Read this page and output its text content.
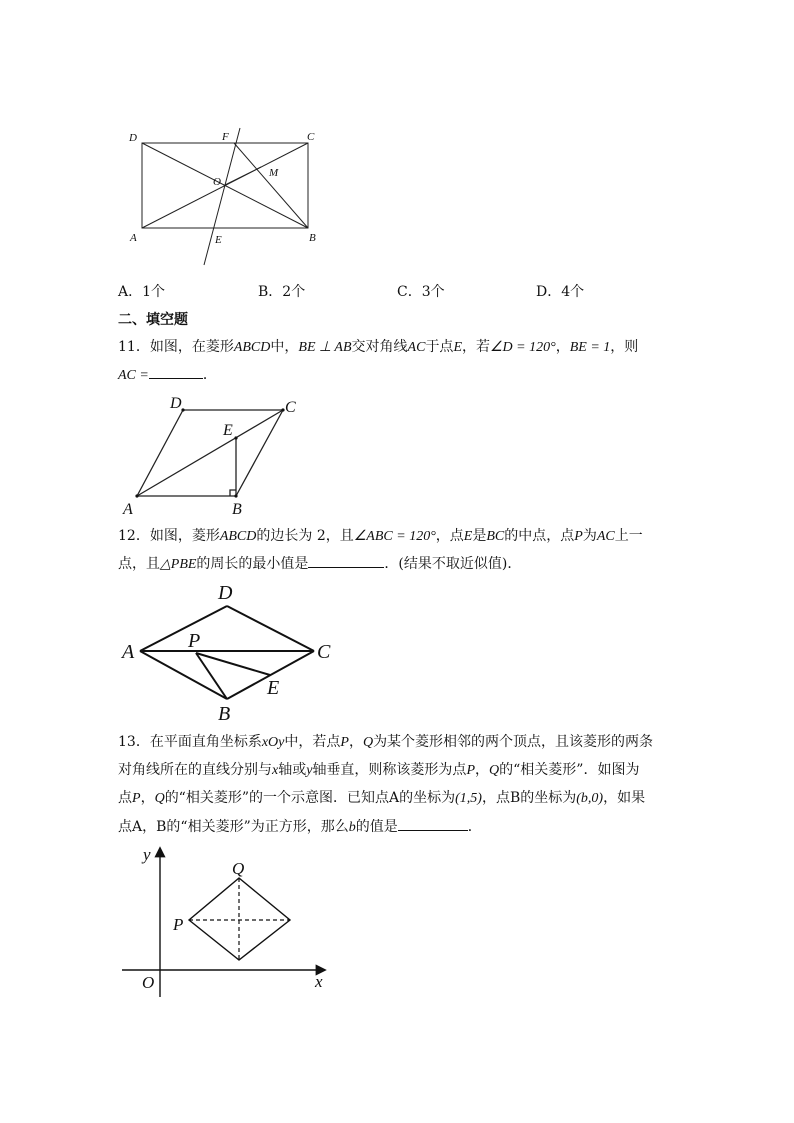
D	F	C
O
M
A	E	B
A．1个	B．2个	C．3个	D．4个
二、填空题
11．如图，在菱形ABCD中，BE ⊥ AB交对角线AC于点E，若∠D = 120°，BE = 1，则
AC =	．
D	C
E
A	B
12．如图，菱形ABCD的边长为 2，且∠ABC = 120°，点E是BC的中点，点P为AC上一
点，且△PBE的周长的最小值是	．(结果不取近似值)．
D
A	P	C
E
B
13．在平面直角坐标系xOy中，若点P，Q为某个菱形相邻的两个顶点，且该菱形的两条
对角线所在的直线分别与x轴或y轴垂直，则称该菱形为点P，Q的“相关菱形”．如图为
点P，Q的“相关菱形”的一个示意图．已知点A的坐标为(1,5)，点B的坐标为(b,0)，如果
点A，B的“相关菱形”为正方形，那么b的值是	．
y
Q
P
O	x
